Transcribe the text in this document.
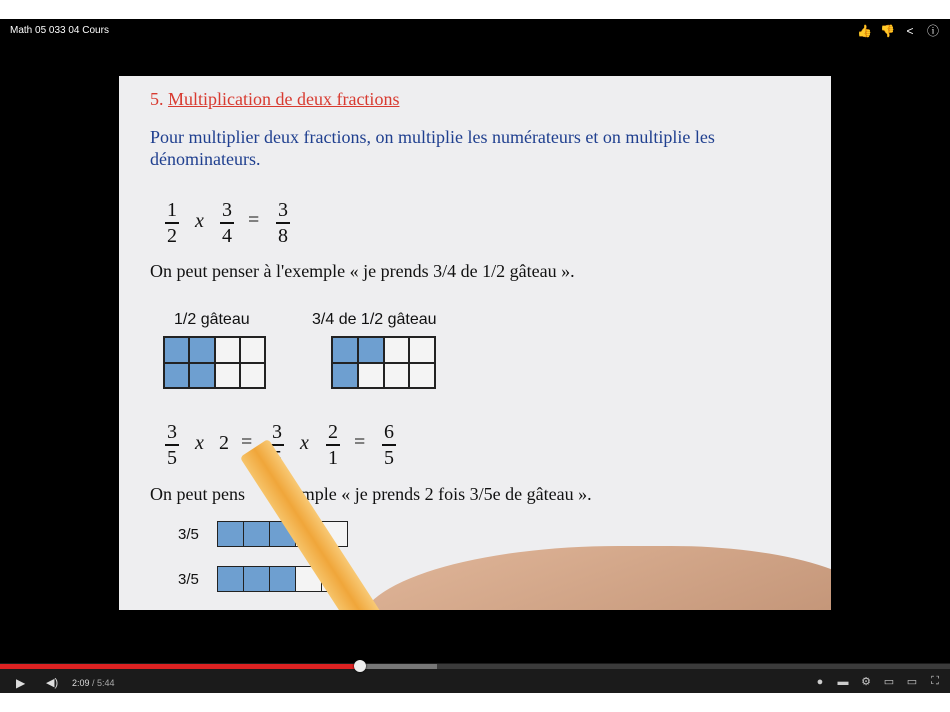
Math 05 033 04 Cours	👍 👎 < ⓘ
5. Multiplication de deux fractions
Pour multiplier deux fractions, on multiplie les numérateurs et on multiplie les dénominateurs.
1
2
x 3
4
= 3
8
On peut penser à l'exemple « je prends 3/4 de 1/2 gâteau ».
1/2 gâteau	3/4 de 1/2 gâteau
3
5
x 2 = 3 x 2
1
= 6
5
On peut pens     l'exemple « je prends 2 fois 3/5e de gâteau ».
3/5
3/5
▶ ◀) 2:09 / 5:44	●	▬ ⚙ ▭ ▭ ⛶
